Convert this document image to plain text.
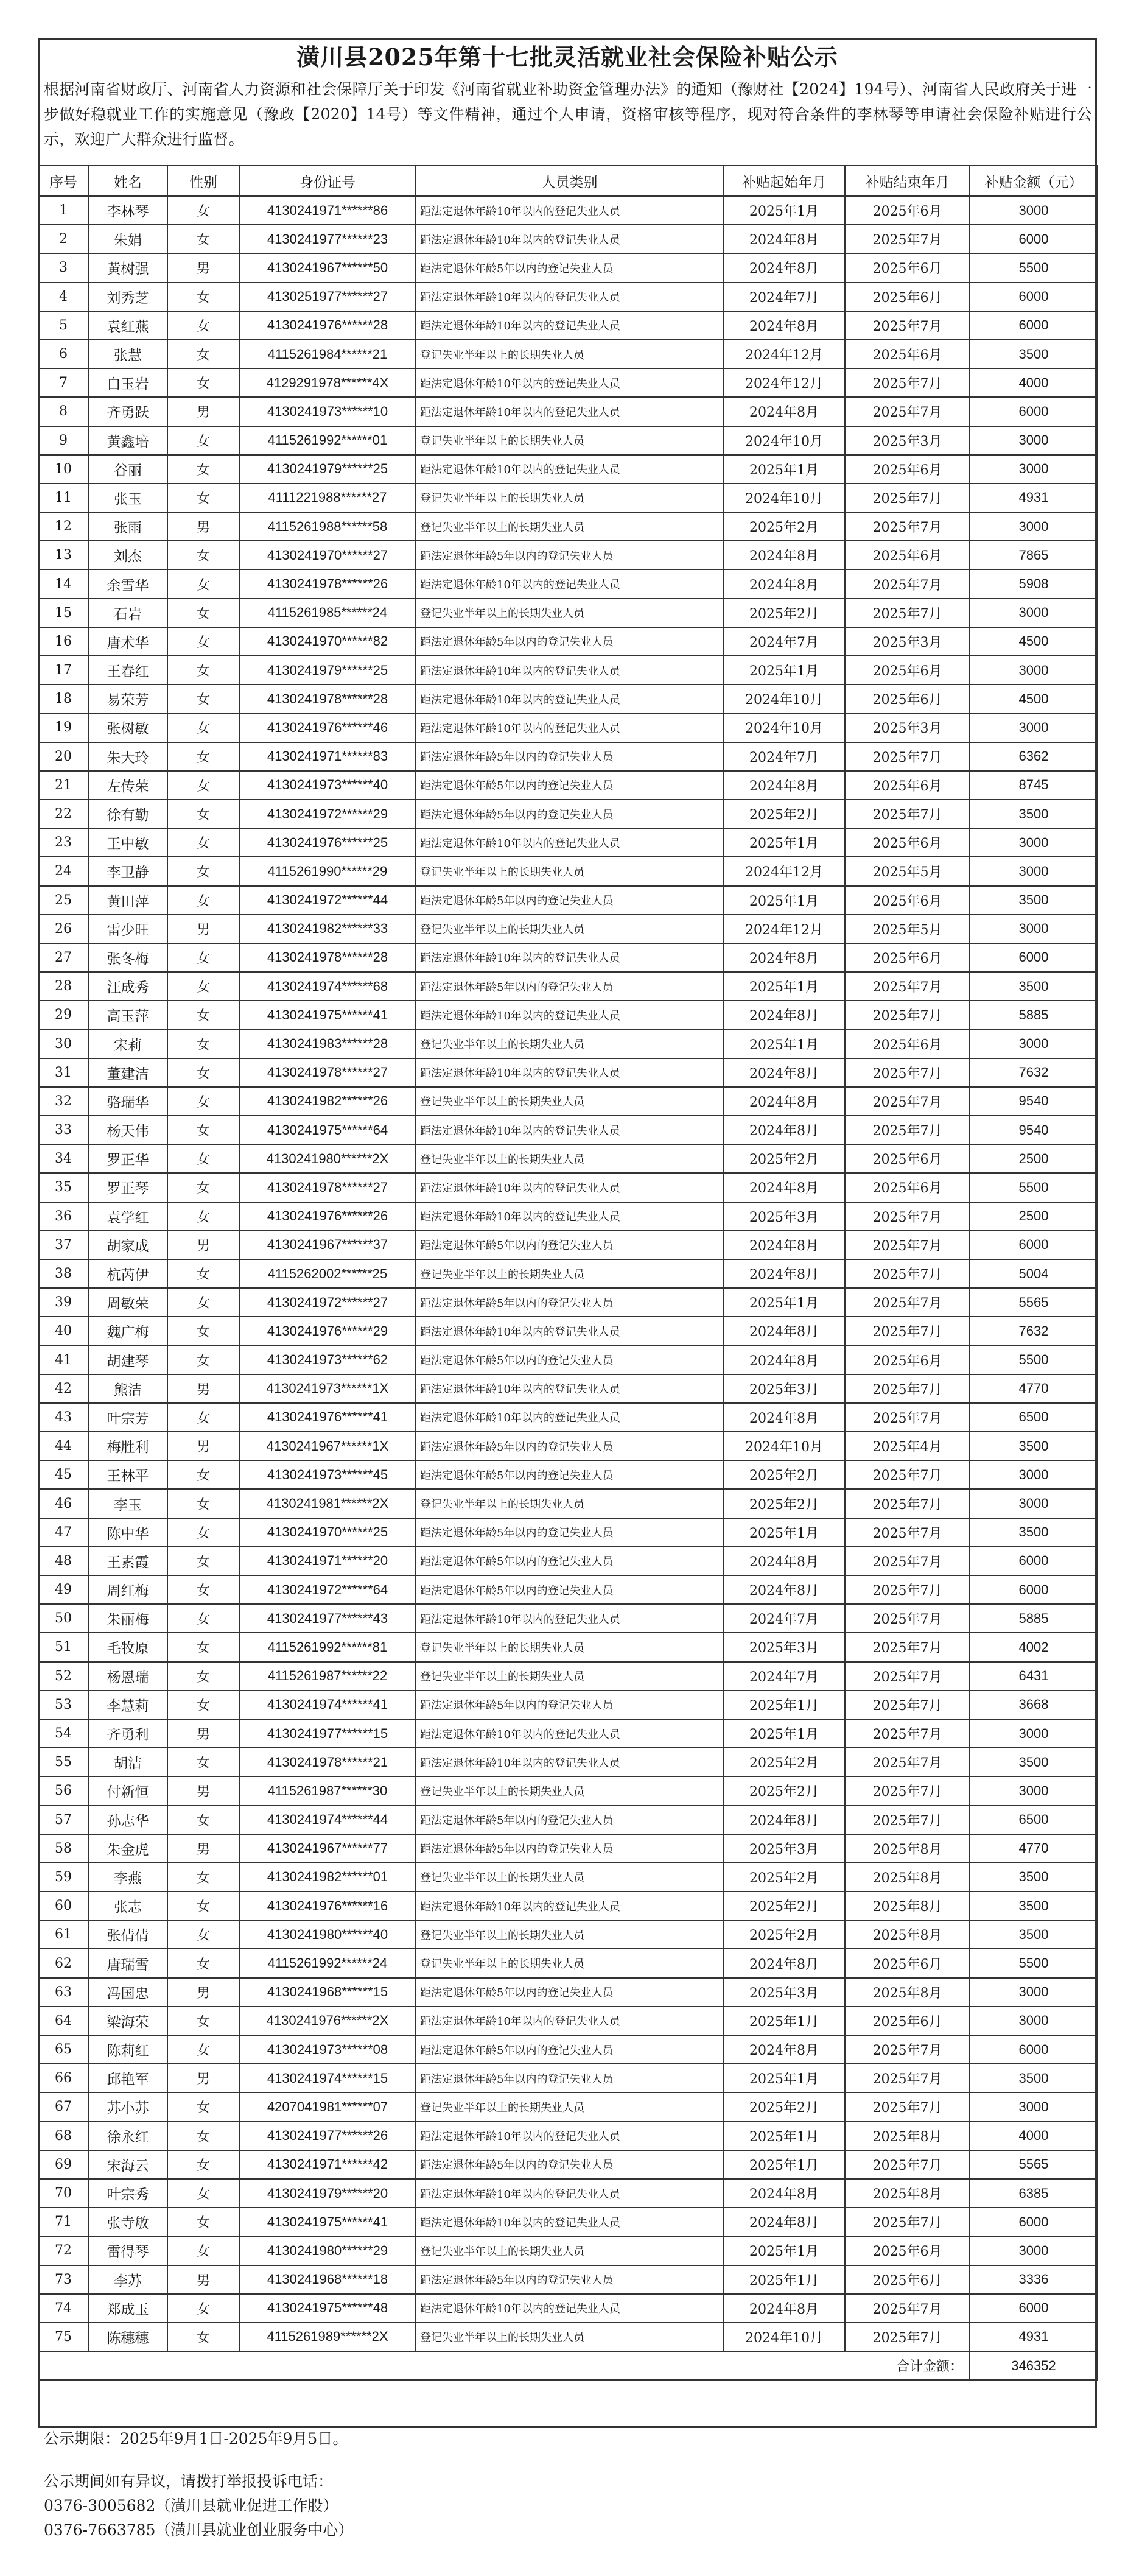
潢川县2025年第十七批灵活就业社会保险补贴公示
根据河南省财政厅、河南省人力资源和社会保障厅关于印发《河南省就业补助资金管理办法》的通知（豫财社【2024】194号）、河南省人民政府关于进一步做好稳就业工作的实施意见（豫政【2020】14号）等文件精神，通过个人申请，资格审核等程序，现对符合条件的李林琴等申请社会保险补贴进行公示，欢迎广大群众进行监督。
序号	姓名	性别	身份证号	人员类别	补贴起始年月	补贴结束年月	补贴金额（元）
1	李林琴	女	4130241971******86	距法定退休年龄10年以内的登记失业人员	2025年1月	2025年6月	3000
2	朱娟	女	4130241977******23	距法定退休年龄10年以内的登记失业人员	2024年8月	2025年7月	6000
3	黄树强	男	4130241967******50	距法定退休年龄5年以内的登记失业人员	2024年8月	2025年6月	5500
4	刘秀芝	女	4130251977******27	距法定退休年龄10年以内的登记失业人员	2024年7月	2025年6月	6000
5	袁红燕	女	4130241976******28	距法定退休年龄10年以内的登记失业人员	2024年8月	2025年7月	6000
6	张慧	女	4115261984******21	登记失业半年以上的长期失业人员	2024年12月	2025年6月	3500
7	白玉岩	女	4129291978******4X	距法定退休年龄10年以内的登记失业人员	2024年12月	2025年7月	4000
8	齐勇跃	男	4130241973******10	距法定退休年龄10年以内的登记失业人员	2024年8月	2025年7月	6000
9	黄鑫培	女	4115261992******01	登记失业半年以上的长期失业人员	2024年10月	2025年3月	3000
10	谷丽	女	4130241979******25	距法定退休年龄10年以内的登记失业人员	2025年1月	2025年6月	3000
11	张玉	女	4111221988******27	登记失业半年以上的长期失业人员	2024年10月	2025年7月	4931
12	张雨	男	4115261988******58	登记失业半年以上的长期失业人员	2025年2月	2025年7月	3000
13	刘杰	女	4130241970******27	距法定退休年龄5年以内的登记失业人员	2024年8月	2025年6月	7865
14	余雪华	女	4130241978******26	距法定退休年龄10年以内的登记失业人员	2024年8月	2025年7月	5908
15	石岩	女	4115261985******24	登记失业半年以上的长期失业人员	2025年2月	2025年7月	3000
16	唐术华	女	4130241970******82	距法定退休年龄5年以内的登记失业人员	2024年7月	2025年3月	4500
17	王春红	女	4130241979******25	距法定退休年龄10年以内的登记失业人员	2025年1月	2025年6月	3000
18	易荣芳	女	4130241978******28	距法定退休年龄10年以内的登记失业人员	2024年10月	2025年6月	4500
19	张树敏	女	4130241976******46	距法定退休年龄10年以内的登记失业人员	2024年10月	2025年3月	3000
20	朱大玲	女	4130241971******83	距法定退休年龄5年以内的登记失业人员	2024年7月	2025年7月	6362
21	左传荣	女	4130241973******40	距法定退休年龄5年以内的登记失业人员	2024年8月	2025年6月	8745
22	徐有勤	女	4130241972******29	距法定退休年龄5年以内的登记失业人员	2025年2月	2025年7月	3500
23	王中敏	女	4130241976******25	距法定退休年龄10年以内的登记失业人员	2025年1月	2025年6月	3000
24	李卫静	女	4115261990******29	登记失业半年以上的长期失业人员	2024年12月	2025年5月	3000
25	黄田萍	女	4130241972******44	距法定退休年龄5年以内的登记失业人员	2025年1月	2025年6月	3500
26	雷少旺	男	4130241982******33	登记失业半年以上的长期失业人员	2024年12月	2025年5月	3000
27	张冬梅	女	4130241978******28	距法定退休年龄10年以内的登记失业人员	2024年8月	2025年6月	6000
28	汪成秀	女	4130241974******68	距法定退休年龄5年以内的登记失业人员	2025年1月	2025年7月	3500
29	高玉萍	女	4130241975******41	距法定退休年龄10年以内的登记失业人员	2024年8月	2025年7月	5885
30	宋莉	女	4130241983******28	登记失业半年以上的长期失业人员	2025年1月	2025年6月	3000
31	董建洁	女	4130241978******27	距法定退休年龄10年以内的登记失业人员	2024年8月	2025年7月	7632
32	骆瑞华	女	4130241982******26	登记失业半年以上的长期失业人员	2024年8月	2025年7月	9540
33	杨天伟	女	4130241975******64	距法定退休年龄10年以内的登记失业人员	2024年8月	2025年7月	9540
34	罗正华	女	4130241980******2X	登记失业半年以上的长期失业人员	2025年2月	2025年6月	2500
35	罗正琴	女	4130241978******27	距法定退休年龄10年以内的登记失业人员	2024年8月	2025年6月	5500
36	袁学红	女	4130241976******26	距法定退休年龄10年以内的登记失业人员	2025年3月	2025年7月	2500
37	胡家成	男	4130241967******37	距法定退休年龄5年以内的登记失业人员	2024年8月	2025年7月	6000
38	杭芮伊	女	4115262002******25	登记失业半年以上的长期失业人员	2024年8月	2025年7月	5004
39	周敏荣	女	4130241972******27	距法定退休年龄5年以内的登记失业人员	2025年1月	2025年7月	5565
40	魏广梅	女	4130241976******29	距法定退休年龄10年以内的登记失业人员	2024年8月	2025年7月	7632
41	胡建琴	女	4130241973******62	距法定退休年龄5年以内的登记失业人员	2024年8月	2025年6月	5500
42	熊洁	男	4130241973******1X	距法定退休年龄10年以内的登记失业人员	2025年3月	2025年7月	4770
43	叶宗芳	女	4130241976******41	距法定退休年龄10年以内的登记失业人员	2024年8月	2025年7月	6500
44	梅胜利	男	4130241967******1X	距法定退休年龄5年以内的登记失业人员	2024年10月	2025年4月	3500
45	王林平	女	4130241973******45	距法定退休年龄5年以内的登记失业人员	2025年2月	2025年7月	3000
46	李玉	女	4130241981******2X	登记失业半年以上的长期失业人员	2025年2月	2025年7月	3000
47	陈中华	女	4130241970******25	距法定退休年龄5年以内的登记失业人员	2025年1月	2025年7月	3500
48	王素霞	女	4130241971******20	距法定退休年龄5年以内的登记失业人员	2024年8月	2025年7月	6000
49	周红梅	女	4130241972******64	距法定退休年龄5年以内的登记失业人员	2024年8月	2025年7月	6000
50	朱丽梅	女	4130241977******43	距法定退休年龄10年以内的登记失业人员	2024年7月	2025年7月	5885
51	毛牧原	女	4115261992******81	登记失业半年以上的长期失业人员	2025年3月	2025年7月	4002
52	杨恩瑞	女	4115261987******22	登记失业半年以上的长期失业人员	2024年7月	2025年7月	6431
53	李慧莉	女	4130241974******41	距法定退休年龄5年以内的登记失业人员	2025年1月	2025年7月	3668
54	齐勇利	男	4130241977******15	距法定退休年龄10年以内的登记失业人员	2025年1月	2025年7月	3000
55	胡洁	女	4130241978******21	距法定退休年龄10年以内的登记失业人员	2025年2月	2025年7月	3500
56	付新恒	男	4115261987******30	登记失业半年以上的长期失业人员	2025年2月	2025年7月	3000
57	孙志华	女	4130241974******44	距法定退休年龄5年以内的登记失业人员	2024年8月	2025年7月	6500
58	朱金虎	男	4130241967******77	距法定退休年龄5年以内的登记失业人员	2025年3月	2025年8月	4770
59	李燕	女	4130241982******01	登记失业半年以上的长期失业人员	2025年2月	2025年8月	3500
60	张志	女	4130241976******16	距法定退休年龄10年以内的登记失业人员	2025年2月	2025年8月	3500
61	张倩倩	女	4130241980******40	登记失业半年以上的长期失业人员	2025年2月	2025年8月	3500
62	唐瑞雪	女	4115261992******24	登记失业半年以上的长期失业人员	2024年8月	2025年6月	5500
63	冯国忠	男	4130241968******15	距法定退休年龄5年以内的登记失业人员	2025年3月	2025年8月	3000
64	梁海荣	女	4130241976******2X	距法定退休年龄10年以内的登记失业人员	2025年1月	2025年6月	3000
65	陈莉红	女	4130241973******08	距法定退休年龄5年以内的登记失业人员	2024年8月	2025年7月	6000
66	邱艳军	男	4130241974******15	距法定退休年龄5年以内的登记失业人员	2025年1月	2025年7月	3500
67	苏小苏	女	4207041981******07	登记失业半年以上的长期失业人员	2025年2月	2025年7月	3000
68	徐永红	女	4130241977******26	距法定退休年龄10年以内的登记失业人员	2025年1月	2025年8月	4000
69	宋海云	女	4130241971******42	距法定退休年龄5年以内的登记失业人员	2025年1月	2025年7月	5565
70	叶宗秀	女	4130241979******20	距法定退休年龄10年以内的登记失业人员	2024年8月	2025年8月	6385
71	张寺敏	女	4130241975******41	距法定退休年龄10年以内的登记失业人员	2024年8月	2025年7月	6000
72	雷得琴	女	4130241980******29	登记失业半年以上的长期失业人员	2025年1月	2025年6月	3000
73	李苏	男	4130241968******18	距法定退休年龄5年以内的登记失业人员	2025年1月	2025年6月	3336
74	郑成玉	女	4130241975******48	距法定退休年龄10年以内的登记失业人员	2024年8月	2025年7月	6000
75	陈穗穗	女	4115261989******2X	登记失业半年以上的长期失业人员	2024年10月	2025年7月	4931
合计金额：							346352
公示期限：2025年9月1日-2025年9月5日。
公示期间如有异议，请拨打举报投诉电话：
0376-3005682（潢川县就业促进工作股）
0376-7663785（潢川县就业创业服务中心）
